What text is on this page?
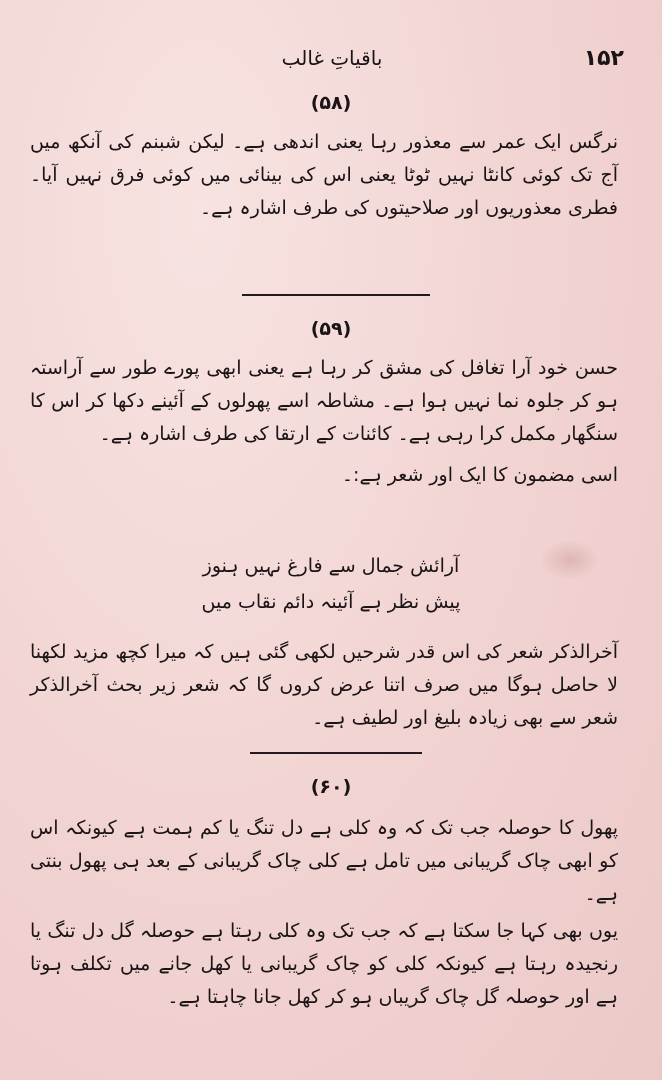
۱۵۲
باقیاتِ غالب
(۵۸)

نرگس ایک عمر سے معذور رہا یعنی اندھی ہے۔ لیکن شبنم کی آنکھ میں آج تک کوئی کانٹا نہیں ٹوٹا یعنی اس کی بینائی میں کوئی فرق نہیں آیا۔ فطری معذوریوں اور صلاحیتوں کی طرف اشارہ ہے۔

(۵۹)

حسن خود آرا تغافل کی مشق کر رہا ہے یعنی ابھی پورے طور سے آراستہ ہو کر جلوہ نما نہیں ہوا ہے۔ مشاطہ اسے پھولوں کے آئینے دکھا کر اس کا سنگھار مکمل کرا رہی ہے۔ کائنات کے ارتقا کی طرف اشارہ ہے۔

اسی مضمون کا ایک اور شعر ہے:۔

آرائش جمال سے فارغ نہیں ہنوز
پیش نظر ہے آئینہ دائم نقاب میں

آخرالذکر شعر کی اس قدر شرحیں لکھی گئی ہیں کہ میرا کچھ مزید لکھنا لا حاصل ہوگا میں صرف اتنا عرض کروں گا کہ شعر زیر بحث آخرالذکر شعر سے بھی زیادہ بلیغ اور لطیف ہے۔

(۶۰)

پھول کا حوصلہ جب تک کہ وہ کلی ہے دل تنگ یا کم ہمت ہے کیونکہ اس کو ابھی چاک گریبانی میں تامل ہے کلی چاک گریبانی کے بعد ہی پھول بنتی ہے۔

یوں بھی کہا جا سکتا ہے کہ جب تک وہ کلی رہتا ہے حوصلہ گل دل تنگ یا رنجیدہ رہتا ہے کیونکہ کلی کو چاک گریبانی یا کھل جانے میں تکلف ہوتا ہے اور حوصلہ گل چاک گریباں ہو کر کھل جانا چاہتا ہے۔
